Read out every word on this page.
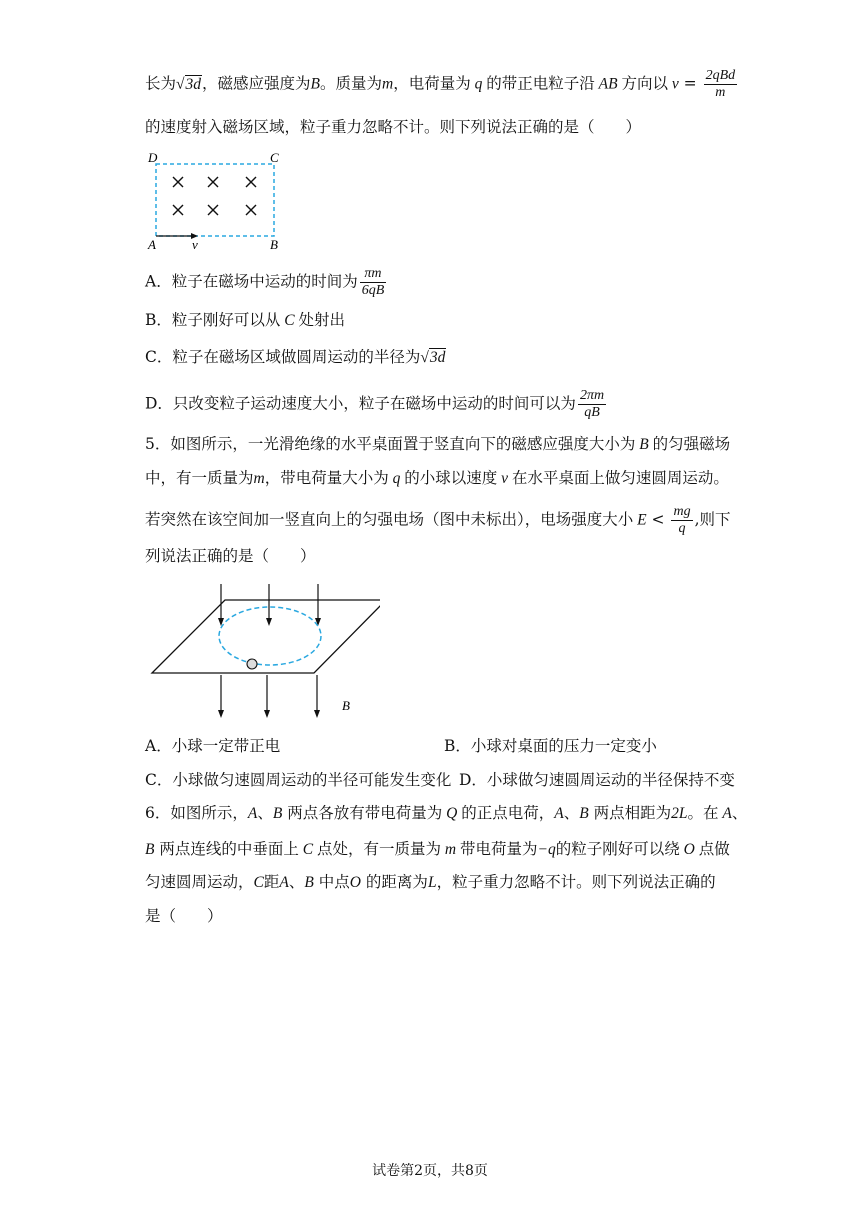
长为√3d，磁感应强度为B。质量为m，电荷量为 q 的带正电粒子沿 AB 方向以 $v = \frac{\text{2qBd}}{m}$
的速度射入磁场区域，粒子重力忽略不计。则下列说法正确的是（　　）
D	C
A	B
v
A．粒子在磁场中运动的时间为 $\frac{\pi m}{6qB}$
B．粒子刚好可以从 C 处射出
C．粒子在磁场区域做圆周运动的半径为√3d
D．只改变粒子运动速度大小，粒子在磁场中运动的时间可以为 $\frac{2\pi m}{qB}$
5．如图所示，一光滑绝缘的水平桌面置于竖直向下的磁感应强度大小为 B 的匀强磁场
中，有一质量为m，带电荷量大小为 q 的小球以速度 v 在水平桌面上做匀速圆周运动。
若突然在该空间加一竖直向上的匀强电场（图中未标出），电场强度大小 $E < \frac{mg}{q}$ ,则下
列说法正确的是（　　）
B
A．小球一定带正电	B．小球对桌面的压力一定变小
C．小球做匀速圆周运动的半径可能发生变化 D．小球做匀速圆周运动的半径保持不变
6．如图所示，A、B 两点各放有带电荷量为 Q 的正点电荷，A、B 两点相距为2L。在 A、
B 两点连线的中垂面上 C 点处，有一质量为 m 带电荷量为−q的粒子刚好可以绕 O 点做
匀速圆周运动，C距A、B 中点O 的距离为L，粒子重力忽略不计。则下列说法正确的
是（　　）
试卷第2页，共8页
